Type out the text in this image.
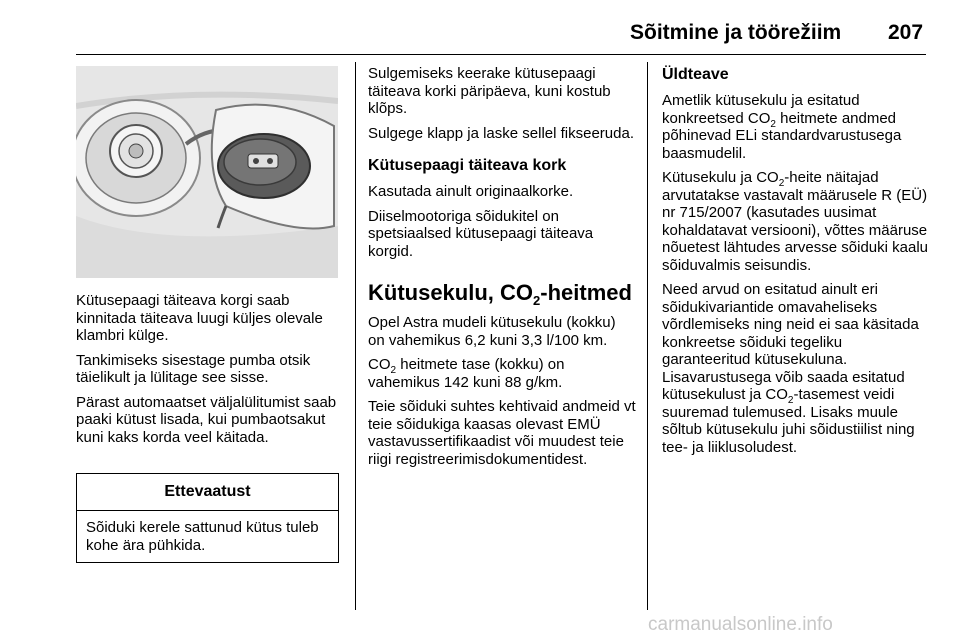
Sõitmine ja töörežiim 207

Kütusepaagi täiteava korgi saab kinnitada täiteava luugi küljes olevale klambri külge.

Tankimiseks sisestage pumba otsik täielikult ja lülitage see sisse.

Pärast automaatset väljalülitumist saab paaki kütust lisada, kui pumbaotsakut kuni kaks korda veel käitada.

Ettevaatust
Sõiduki kerele sattunud kütus tuleb kohe ära pühkida.

Sulgemiseks keerake kütusepaagi täiteava korki päripäeva, kuni kostub klõps.

Sulgege klapp ja laske sellel fikseeruda.

Kütusepaagi täiteava kork

Kasutada ainult originaalkorke.

Diiselmootoriga sõidukitel on spetsiaalsed kütusepaagi täiteava korgid.

Kütusekulu, $CO_2$-heitmed

Opel Astra mudeli kütusekulu (kokku) on vahemikus 6,2 kuni 3,3 l/100 km.

$CO_2$ heitmete tase (kokku) on vahemikus 142 kuni 88 g/km.

Teie sõiduki suhtes kehtivaid andmeid vt teie sõidukiga kaasas olevast EMÜ vastavussertifikaadist või muudest teie riigi registreerimisdokumentidest.

Üldteave

Ametlik kütusekulu ja esitatud konkreetsed $CO_2$ heitmete andmed põhinevad ELi standardvarustusega baasmudelil.

Kütusekulu ja $CO_2$-heite näitajad arvutatakse vastavalt määrusele R (EÜ) nr 715/2007 (kasutades uusimat kohaldatavat versiooni), võttes määruse nõuetest lähtudes arvesse sõiduki kaalu sõiduvalmis seisundis.

Need arvud on esitatud ainult eri sõidukivariantide omavaheliseks võrdlemiseks ning neid ei saa käsitada konkreetse sõiduki tegeliku garanteeritud kütusekuluna. Lisavarustusega võib saada esitatud kütusekulust ja $CO_2$-tasemest veidi suuremad tulemused. Lisaks muule sõltub kütusekulu juhi sõidustiilist ning tee- ja liiklusoludest.

carmanualsonline.info
